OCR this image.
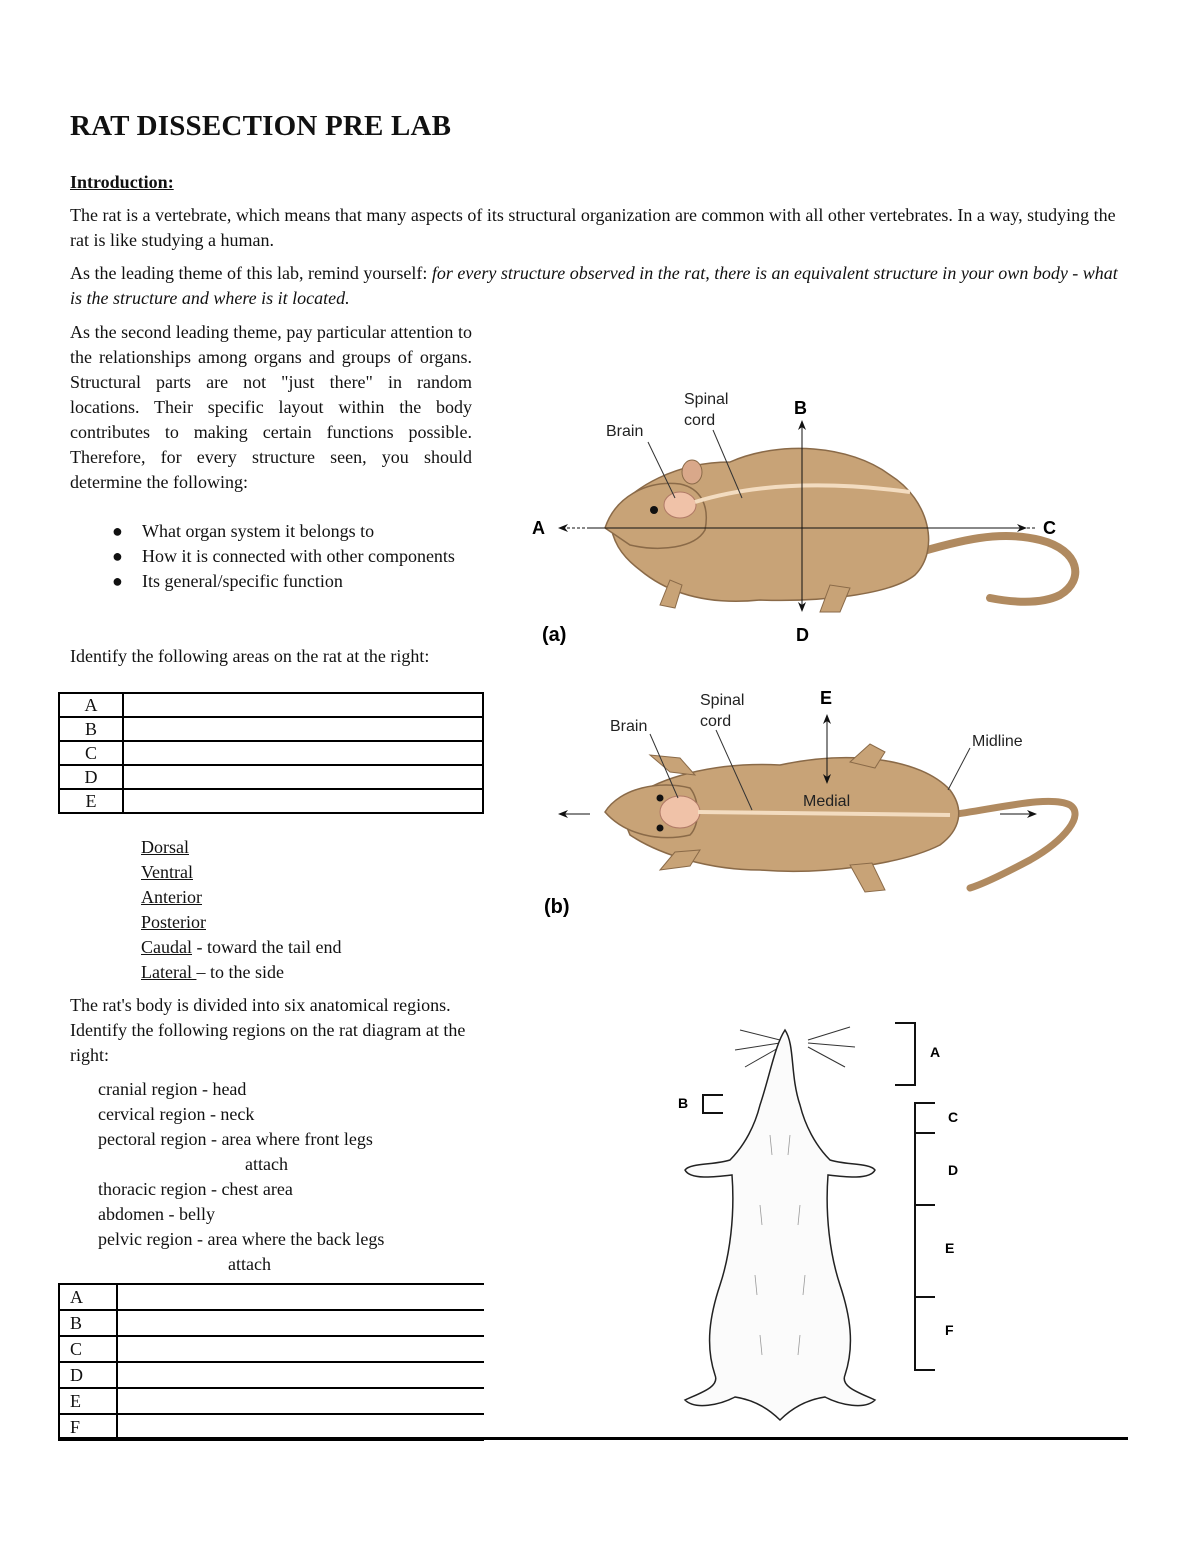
RAT DISSECTION PRE LAB
Introduction:
The rat is a vertebrate, which means that many aspects of its structural organization are common with all other vertebrates. In a way, studying the rat is like studying a human.
As the leading theme of this lab, remind yourself: for every structure observed in the rat, there is an equivalent structure in your own body - what is the structure and where is it located.
As the second leading theme, pay particular attention to the relationships among organs and groups of organs. Structural parts are not "just there" in random locations. Their specific layout within the body contributes to making certain functions possible. Therefore, for every structure seen, you should determine the following:
● What organ system it belongs to
● How it is connected with other components
● Its general/specific function
Identify the following areas on the rat at the right:
A	
B	
C	
D	
E	
Dorsal
Ventral
Anterior
Posterior
Caudal - toward the tail end
Lateral – to the side
The rat's body is divided into six anatomical regions. Identify the following regions on the rat diagram at the right:
cranial region - head
cervical region - neck
pectoral region - area where front legs
attach
thoracic region - chest area
abdomen - belly
pelvic region - area where the back legs
attach
A	
B	
C	
D	
E	
F	
Brain
Spinal
cord
B
A	C
D
(a)
Brain
Spinal
cord
E
Medial
Midline
(b)
A
B
C
D
E
F
